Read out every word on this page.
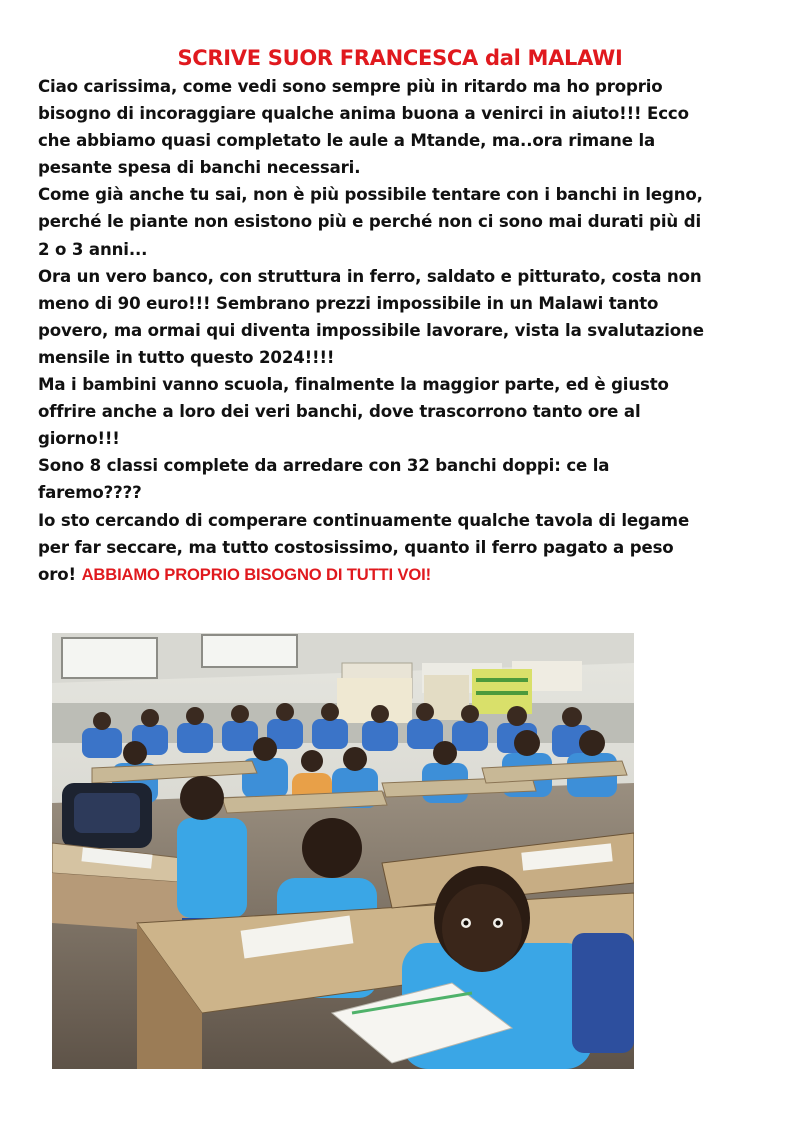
SCRIVE SUOR FRANCESCA dal MALAWI
Ciao carissima, come vedi sono sempre più in ritardo ma ho proprio
bisogno di incoraggiare qualche anima buona a venirci in aiuto!!! Ecco
che abbiamo quasi completato le aule a Mtande, ma..ora rimane la
pesante spesa di banchi necessari.
Come già anche tu sai, non è più possibile tentare con i banchi in legno,
perché le piante non esistono più e perché non ci sono mai durati più di
2 o 3 anni...
Ora un vero banco, con struttura in ferro, saldato e pitturato, costa non
meno di 90 euro!!! Sembrano prezzi impossibile in un Malawi tanto
povero, ma ormai qui diventa impossibile lavorare, vista la svalutazione
mensile in tutto questo 2024!!!!
Ma i bambini vanno scuola, finalmente la maggior parte, ed è giusto
offrire anche a loro dei veri banchi, dove trascorrono tanto ore al
giorno!!!
Sono 8 classi complete da arredare con 32 banchi doppi: ce la
faremo????
Io sto cercando di comperare continuamente qualche tavola di legame
per far seccare, ma tutto costosissimo, quanto il ferro pagato a peso
oro! ABBIAMO PROPRIO BISOGNO DI TUTTI VOI!
